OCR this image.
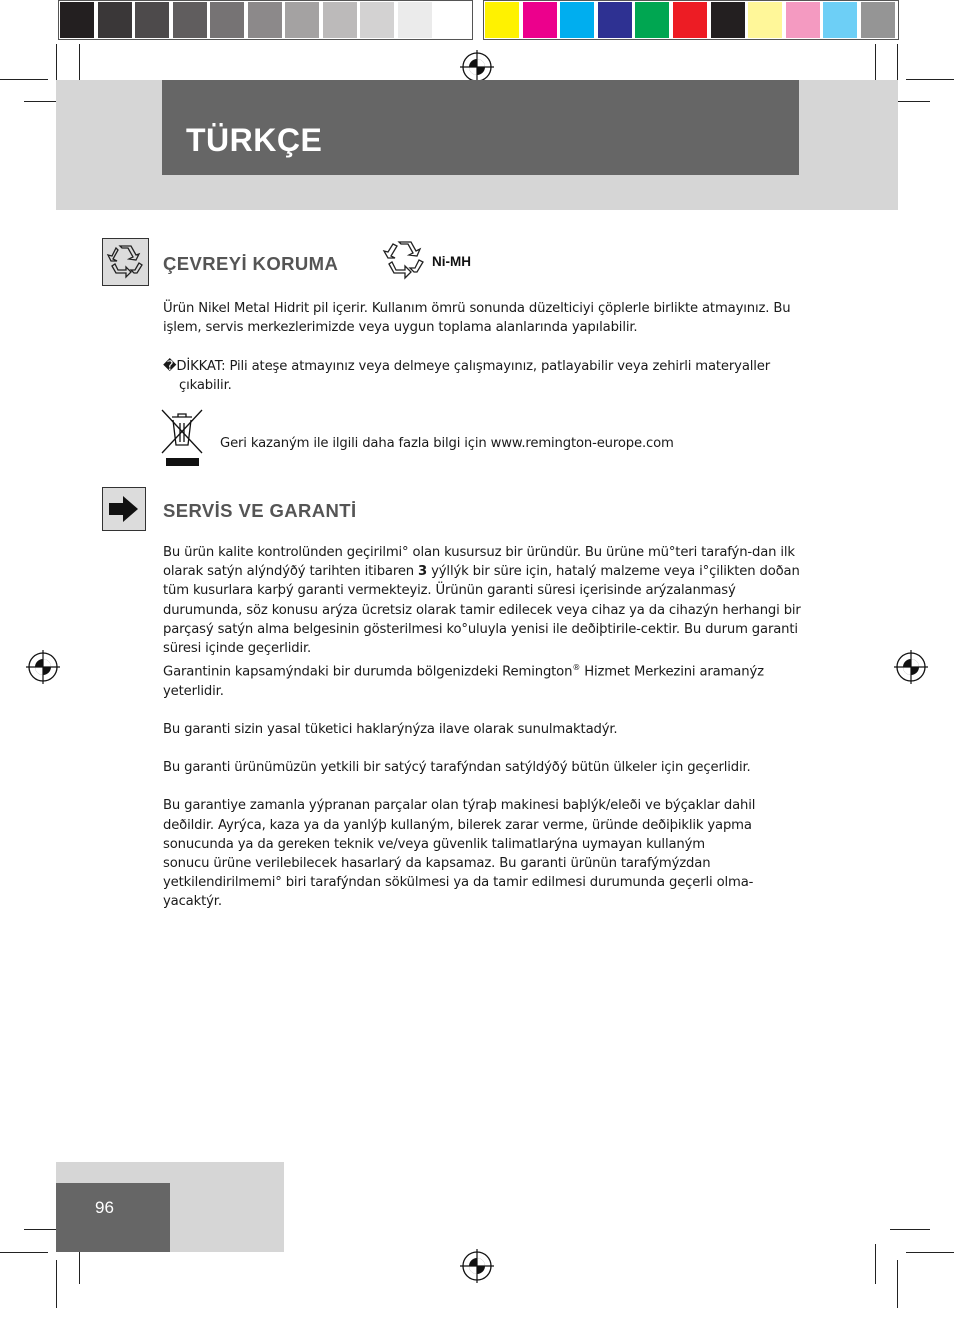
TÜRKÇE
ÇEVREYİ KORUMA	Ni-MH

Ürün Nikel Metal Hidrit pil içerir. Kullanım ömrü sonunda düzelticiyi çöplerle birlikte atmayınız. Bu işlem, servis merkezlerimizde veya uygun toplama alanlarında yapılabilir.

�DİKKAT: Pili ateşe atmayınız veya delmeye çalışmayınız, patlayabilir veya zehirli materyaller çıkabilir.

Geri kazaným ile ilgili daha fazla bilgi için www.remington-europe.com
SERVİS VE GARANTİ

Bu ürün kalite kontrolünden geçirilmi° olan kusursuz bir üründür. Bu ürüne mü°teri tarafýn-dan ilk olarak satýn alýndýðý tarihten itibaren 3 yýllýk bir süre için, hatalý malzeme veya i°çilikten doðan tüm kusurlara karþý garanti vermekteyiz. Ürünün garanti süresi içerisinde arýzalanmasý durumunda, söz konusu arýza ücretsiz olarak tamir edilecek veya cihaz ya da cihazýn herhangi bir parçasý satýn alma belgesinin gösterilmesi ko°uluyla yenisi ile deðiþtirile-cektir. Bu durum garanti süresi içinde geçerlidir.

Garantinin kapsamýndaki bir durumda bölgenizdeki Remington® Hizmet Merkezini aramanýz yeterlidir.

Bu garanti sizin yasal tüketici haklarýnýza ilave olarak sunulmaktadýr.

Bu garanti ürünümüzün yetkili bir satýcý tarafýndan satýldýðý bütün ülkeler için geçerlidir.

Bu garantiye zamanla yýpranan parçalar olan týraþ makinesi baþlýk/eleði ve býçaklar dahil deðildir. Ayrýca, kaza ya da yanlýþ kullaným, bilerek zarar verme, üründe deðiþiklik yapma sonucunda ya da gereken teknik ve/veya güvenlik talimatlarýna uymayan kullaným

sonucu ürüne verilebilecek hasarlarý da kapsamaz. Bu garanti ürünün tarafýmýzdan yetkilendirilmemi° biri tarafýndan sökülmesi ya da tamir edilmesi durumunda geçerli olma-yacaktýr.

96
